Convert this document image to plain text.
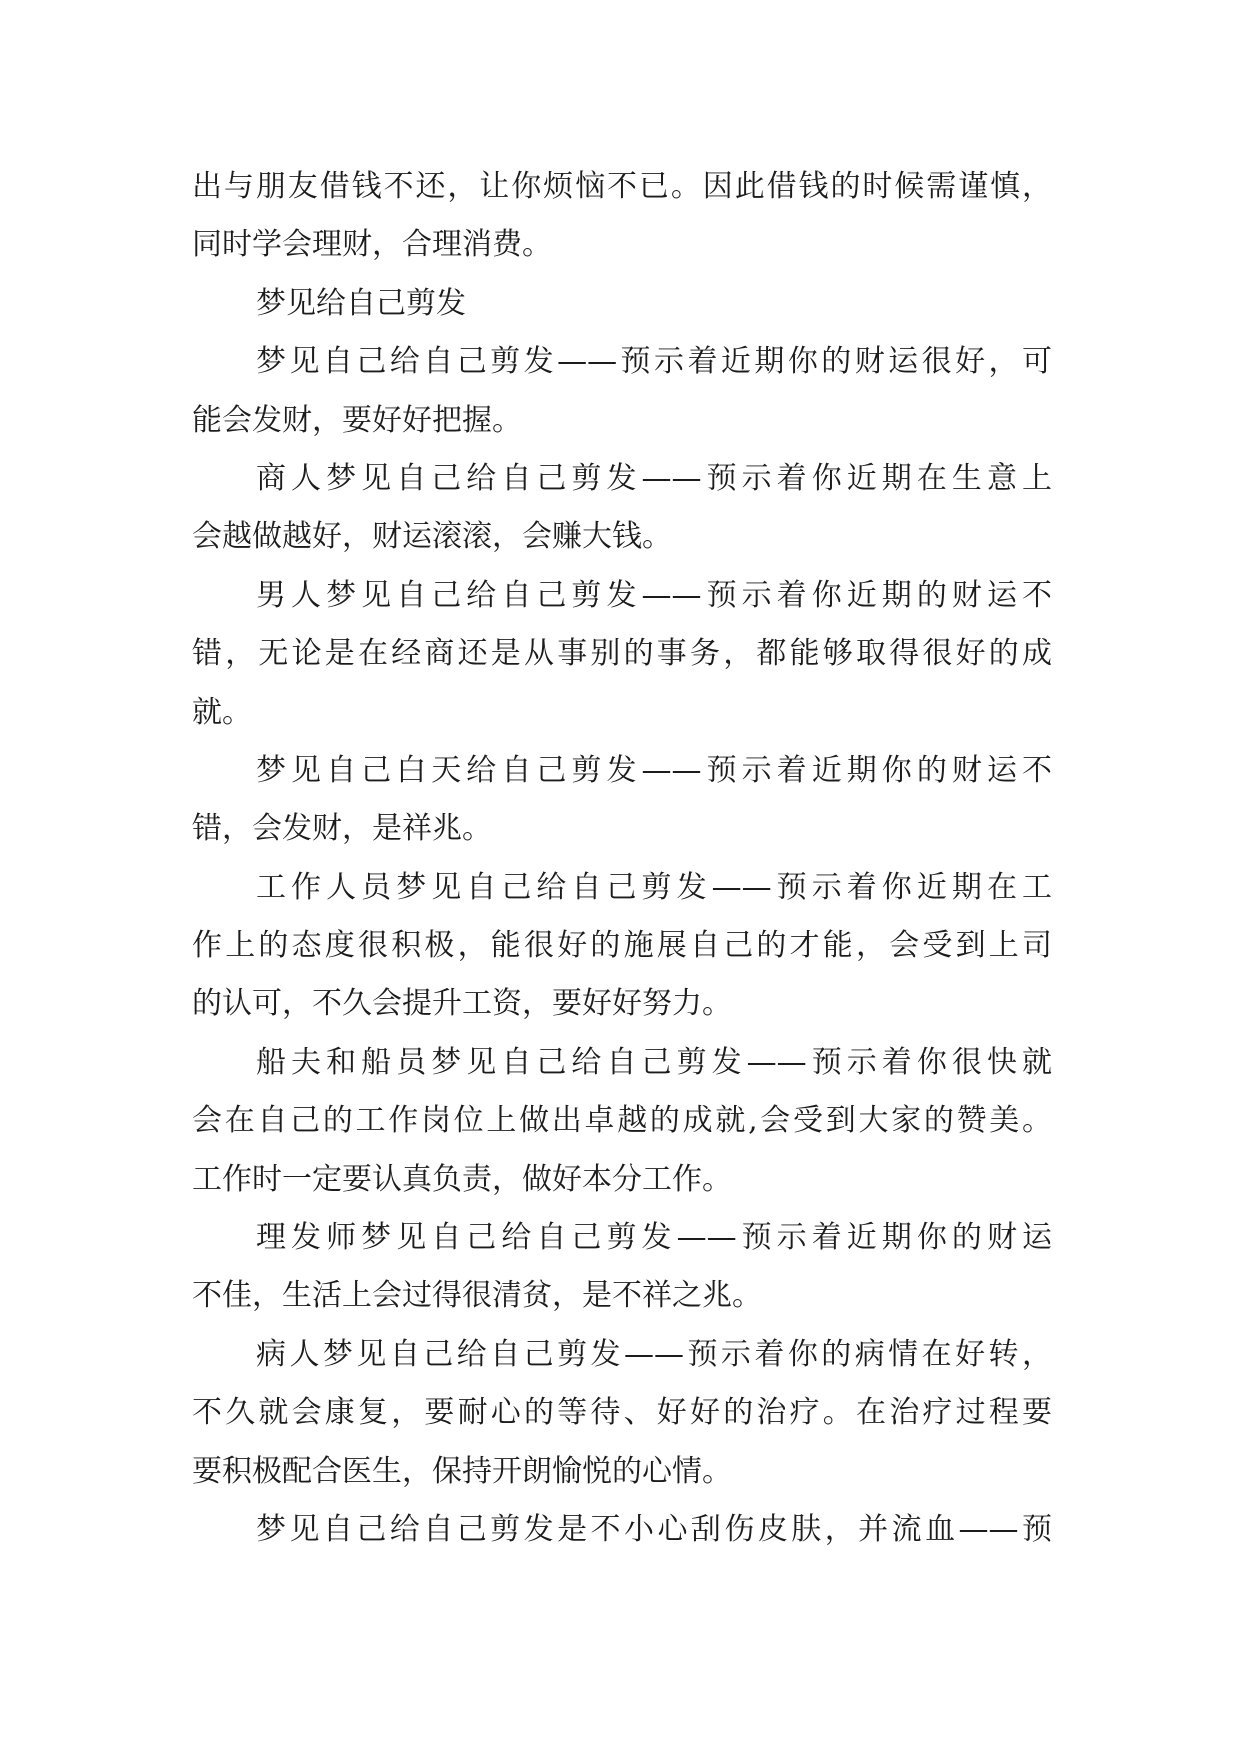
出与朋友借钱不还，让你烦恼不已。因此借钱的时候需谨慎，
同时学会理财，合理消费。
梦见给自己剪发
梦见自己给自己剪发——预示着近期你的财运很好，可
能会发财，要好好把握。
商人梦见自己给自己剪发——预示着你近期在生意上
会越做越好，财运滚滚，会赚大钱。
男人梦见自己给自己剪发——预示着你近期的财运不
错，无论是在经商还是从事别的事务，都能够取得很好的成
就。
梦见自己白天给自己剪发——预示着近期你的财运不
错，会发财，是祥兆。
工作人员梦见自己给自己剪发——预示着你近期在工
作上的态度很积极，能很好的施展自己的才能，会受到上司
的认可，不久会提升工资，要好好努力。
船夫和船员梦见自己给自己剪发——预示着你很快就
会在自己的工作岗位上做出卓越的成就,会受到大家的赞美。
工作时一定要认真负责，做好本分工作。
理发师梦见自己给自己剪发——预示着近期你的财运
不佳，生活上会过得很清贫，是不祥之兆。
病人梦见自己给自己剪发——预示着你的病情在好转，
不久就会康复，要耐心的等待、好好的治疗。在治疗过程要
要积极配合医生，保持开朗愉悦的心情。
梦见自己给自己剪发是不小心刮伤皮肤，并流血——预
